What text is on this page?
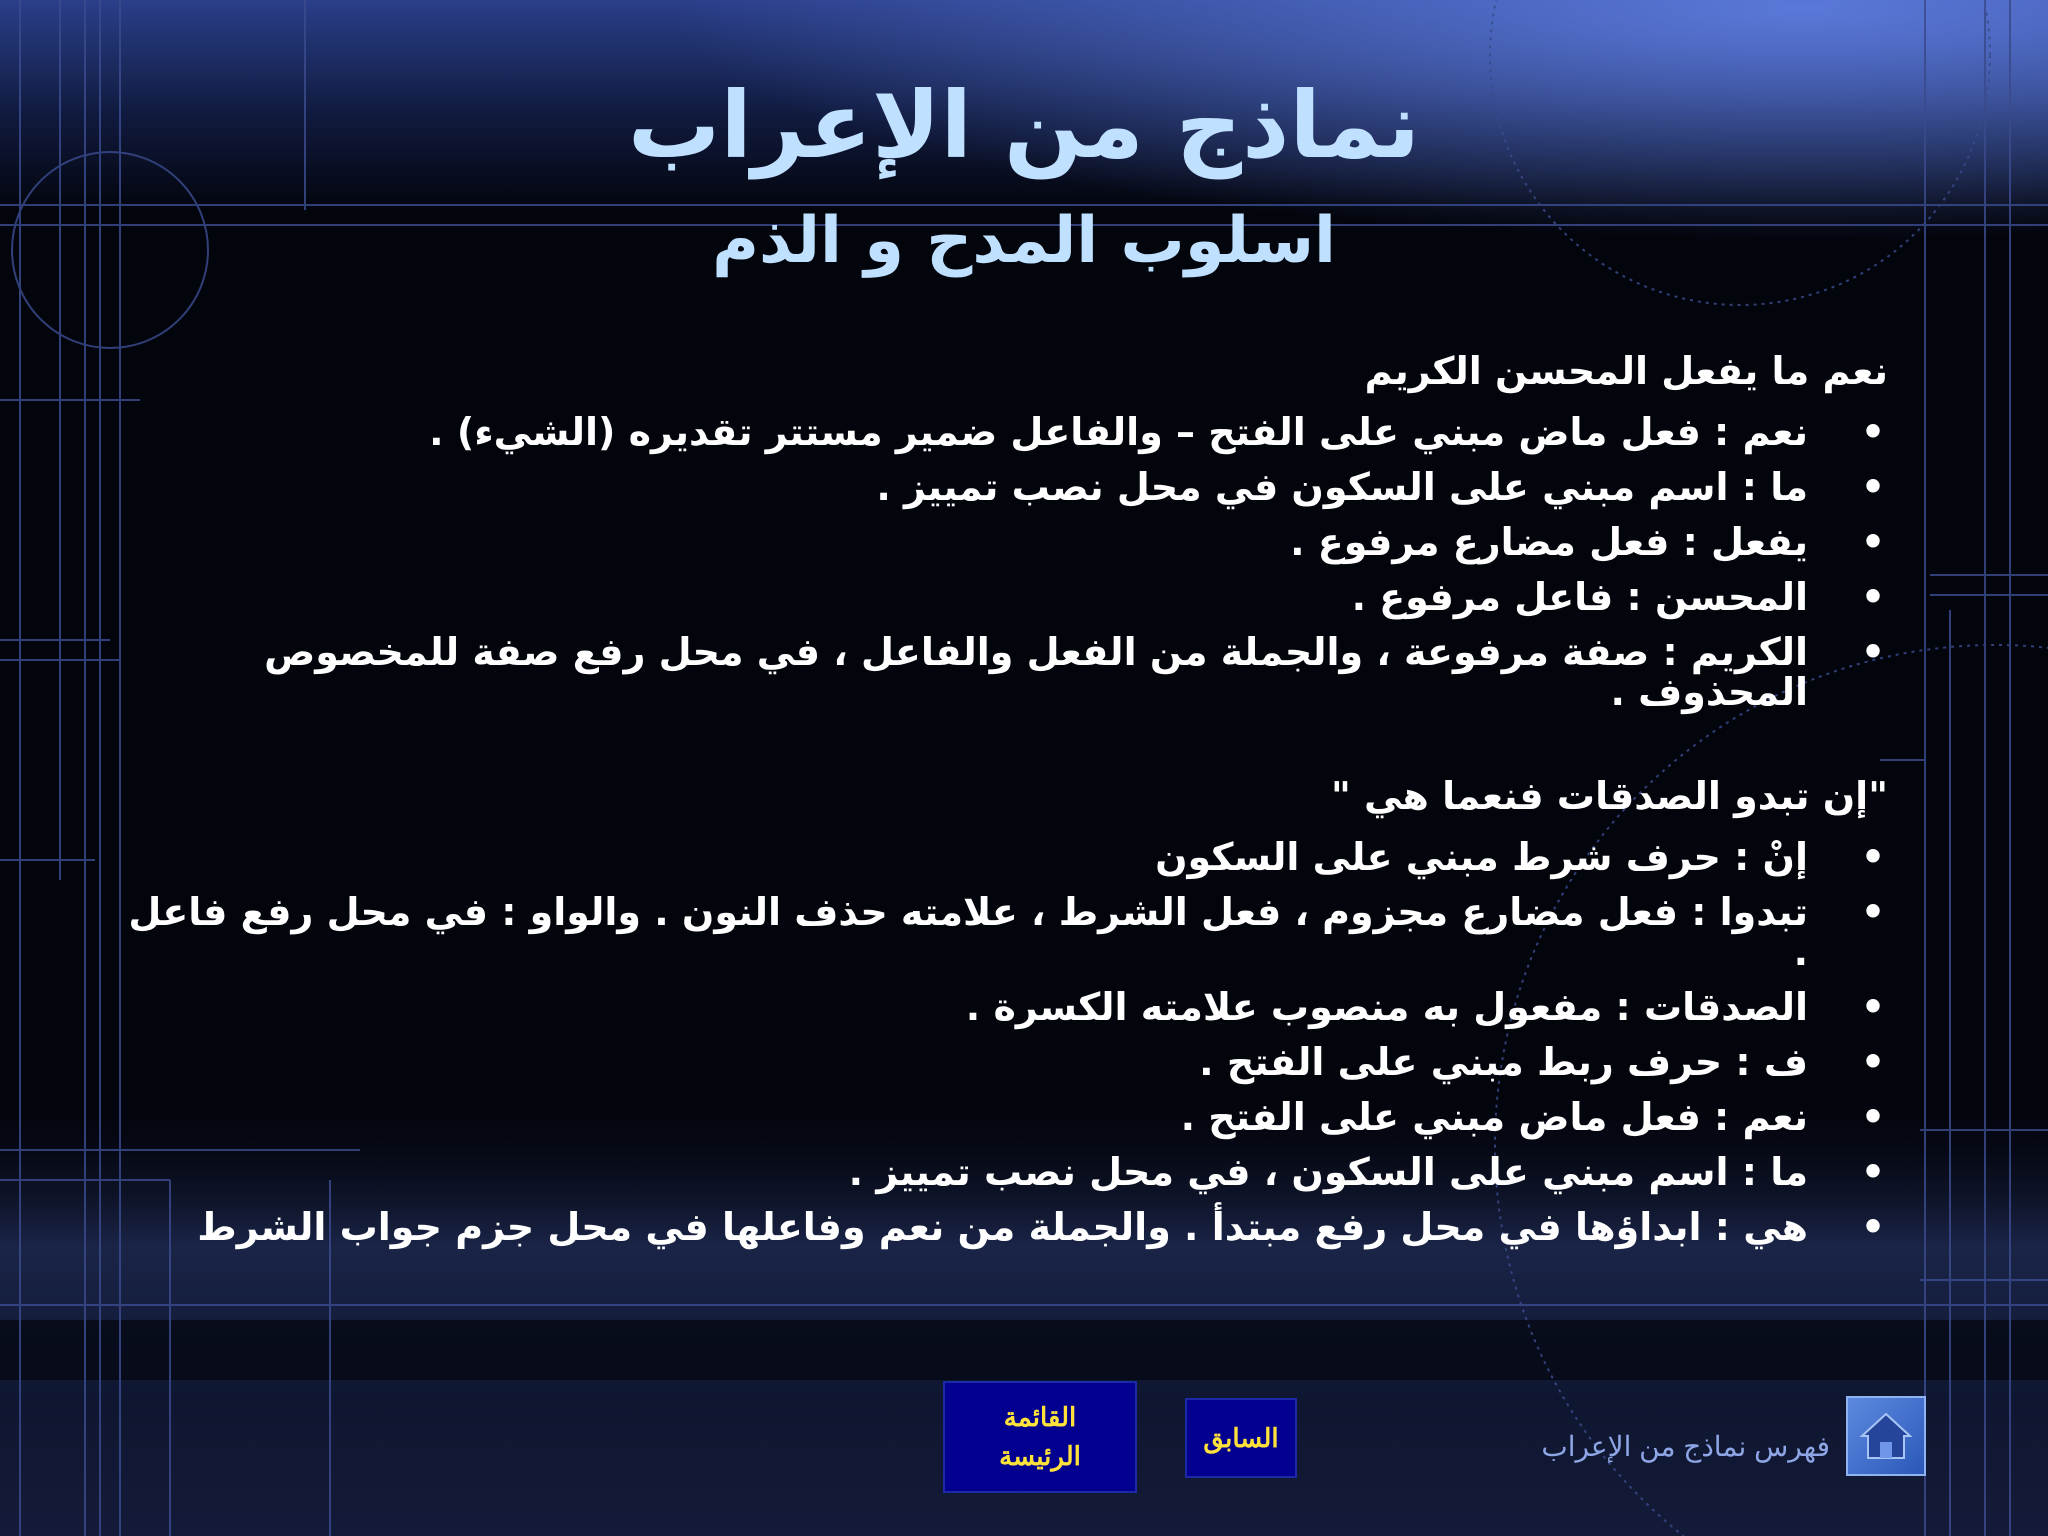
نماذج من الإعراب
اسلوب المدح و الذم
نعم ما يفعل المحسن الكريم
• نعم : فعل ماض مبني على الفتح – والفاعل ضمير مستتر تقديره (الشيء) .
• ما : اسم مبني على السكون في محل نصب تمييز .
• يفعل : فعل مضارع مرفوع .
• المحسن : فاعل مرفوع .
• الكريم : صفة مرفوعة ، والجملة من الفعل والفاعل ، في محل رفع صفة للمخصوص المحذوف .
"إن تبدو الصدقات فنعما هي "
• إنْ : حرف شرط مبني على السكون
• تبدوا : فعل مضارع مجزوم ، فعل الشرط ، علامته حذف النون . والواو : في محل رفع فاعل .
• الصدقات : مفعول به منصوب علامته الكسرة .
• ف : حرف ربط مبني على الفتح .
• نعم : فعل ماض مبني على الفتح .
• ما : اسم مبني على السكون ، في محل نصب تمييز .
• هي : ابداؤها في محل رفع مبتدأ . والجملة من نعم وفاعلها في محل جزم جواب الشرط
فهرس نماذج من الإعراب
السابق
القائمة الرئيسة
